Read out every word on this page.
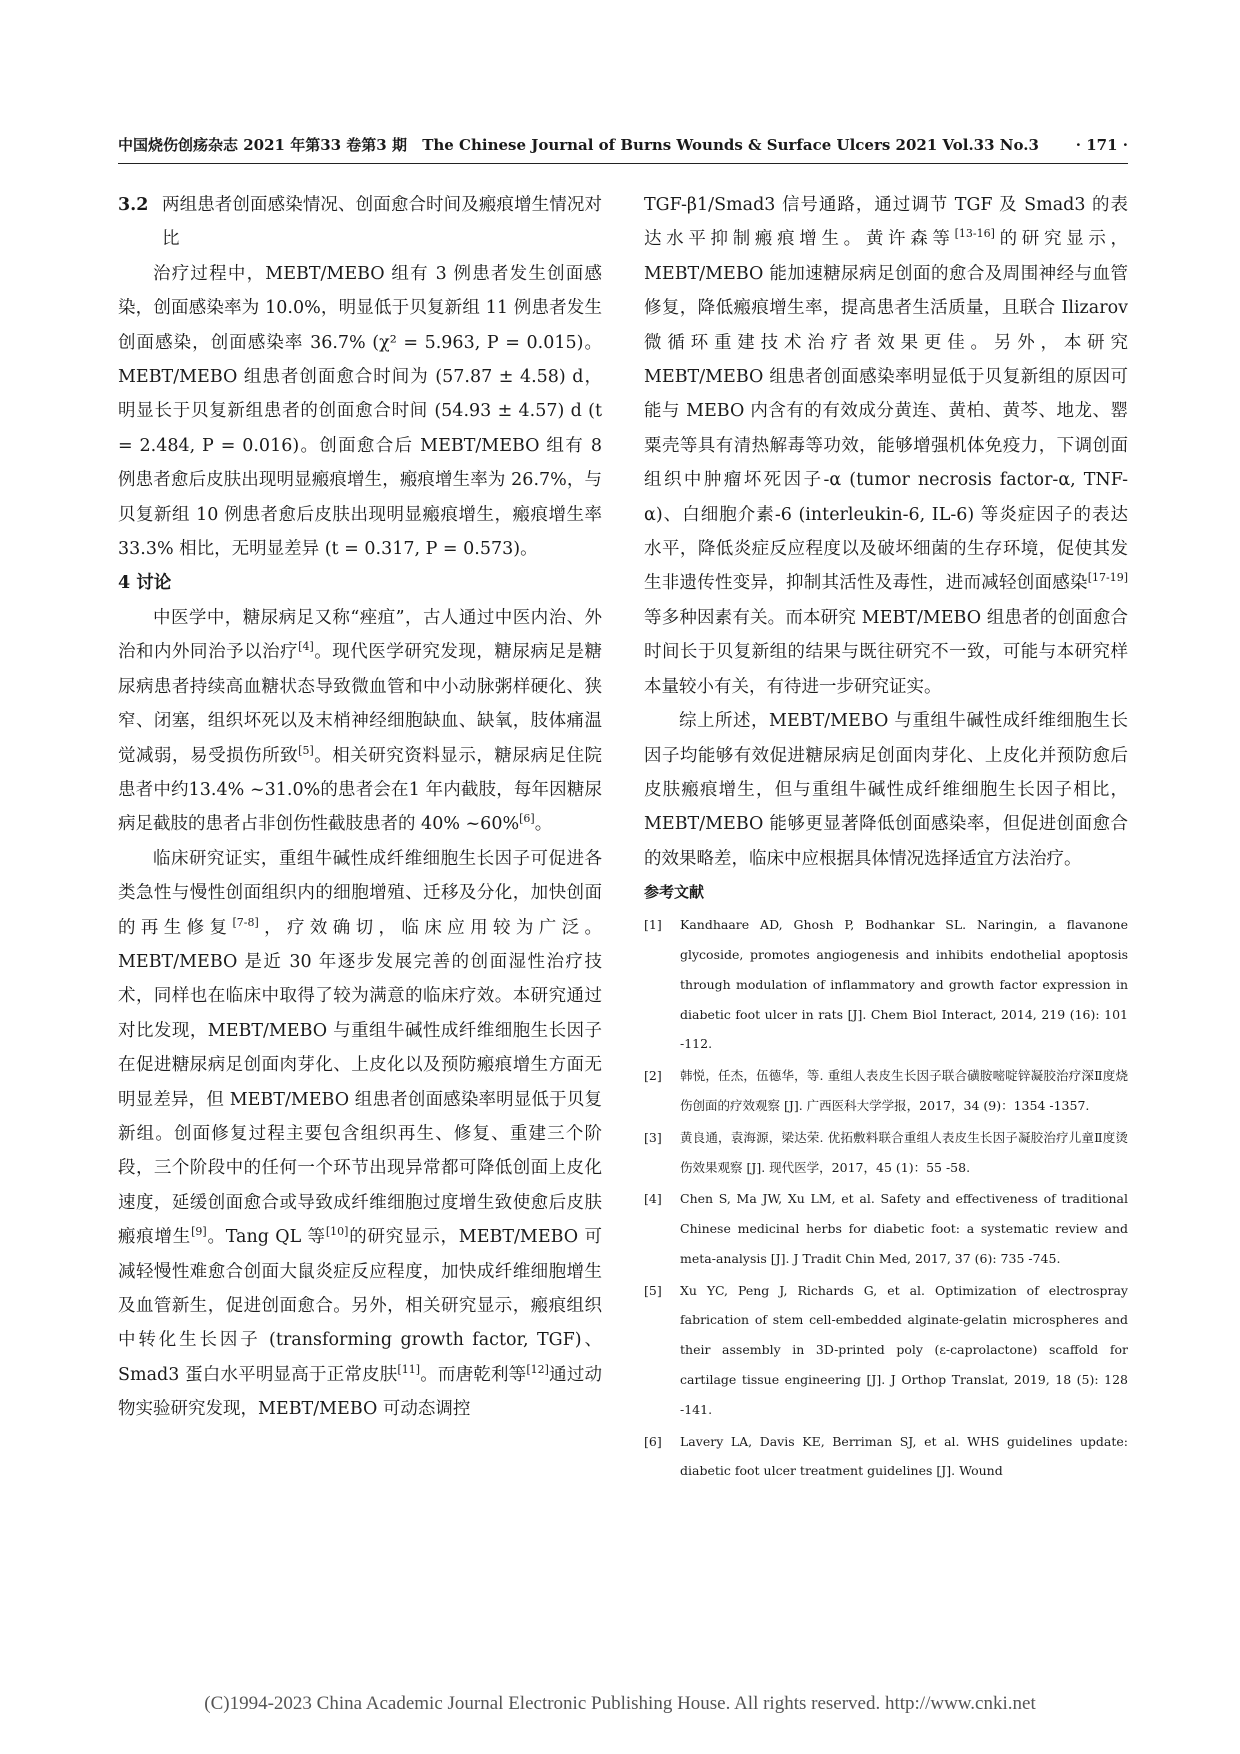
中国烧伤创疡杂志 2021 年第33 卷第3 期 The Chinese Journal of Burns Wounds & Surface Ulcers 2021 Vol.33 No.3	· 171 ·
3.2 两组患者创面感染情况、创面愈合时间及瘢痕增生情况对比

治疗过程中，MEBT/MEBO 组有 3 例患者发生创面感染，创面感染率为 10.0%，明显低于贝复新组 11 例患者发生创面感染，创面感染率 36.7% (χ² = 5.963, P = 0.015)。MEBT/MEBO 组患者创面愈合时间为 (57.87 ± 4.58) d，明显长于贝复新组患者的创面愈合时间 (54.93 ± 4.57) d (t = 2.484, P = 0.016)。创面愈合后 MEBT/MEBO 组有 8 例患者愈后皮肤出现明显瘢痕增生，瘢痕增生率为 26.7%，与贝复新组 10 例患者愈后皮肤出现明显瘢痕增生，瘢痕增生率 33.3% 相比，无明显差异 (t = 0.317, P = 0.573)。

4 讨论

中医学中，糖尿病足又称“痤疽”，古人通过中医内治、外治和内外同治予以治疗[4]。现代医学研究发现，糖尿病足是糖尿病患者持续高血糖状态导致微血管和中小动脉粥样硬化、狭窄、闭塞，组织坏死以及末梢神经细胞缺血、缺氧，肢体痛温觉减弱，易受损伤所致[5]。相关研究资料显示，糖尿病足住院患者中约13.4% ~31.0%的患者会在1 年内截肢，每年因糖尿病足截肢的患者占非创伤性截肢患者的 40% ~60%[6]。

临床研究证实，重组牛碱性成纤维细胞生长因子可促进各类急性与慢性创面组织内的细胞增殖、迁移及分化，加快创面的再生修复[7-8]，疗效确切，临床应用较为广泛。MEBT/MEBO 是近 30 年逐步发展完善的创面湿性治疗技术，同样也在临床中取得了较为满意的临床疗效。本研究通过对比发现，MEBT/MEBO 与重组牛碱性成纤维细胞生长因子在促进糖尿病足创面肉芽化、上皮化以及预防瘢痕增生方面无明显差异，但 MEBT/MEBO 组患者创面感染率明显低于贝复新组。创面修复过程主要包含组织再生、修复、重建三个阶段，三个阶段中的任何一个环节出现异常都可降低创面上皮化速度，延缓创面愈合或导致成纤维细胞过度增生致使愈后皮肤瘢痕增生[9]。Tang QL 等[10]的研究显示，MEBT/MEBO 可减轻慢性难愈合创面大鼠炎症反应程度，加快成纤维细胞增生及血管新生，促进创面愈合。另外，相关研究显示，瘢痕组织中转化生长因子 (transforming growth factor, TGF)、Smad3 蛋白水平明显高于正常皮肤[11]。而唐乾利等[12]通过动物实验研究发现，MEBT/MEBO 可动态调控

TGF-β1/Smad3 信号通路，通过调节 TGF 及 Smad3 的表达水平抑制瘢痕增生。黄许森等[13-16]的研究显示，MEBT/MEBO 能加速糖尿病足创面的愈合及周围神经与血管修复，降低瘢痕增生率，提高患者生活质量，且联合 Ilizarov 微循环重建技术治疗者效果更佳。另外，本研究 MEBT/MEBO 组患者创面感染率明显低于贝复新组的原因可能与 MEBO 内含有的有效成分黄连、黄柏、黄芩、地龙、罂粟壳等具有清热解毒等功效，能够增强机体免疫力，下调创面组织中肿瘤坏死因子-α (tumor necrosis factor-α, TNF-α)、白细胞介素-6 (interleukin-6, IL-6) 等炎症因子的表达水平，降低炎症反应程度以及破坏细菌的生存环境，促使其发生非遗传性变异，抑制其活性及毒性，进而减轻创面感染[17-19]等多种因素有关。而本研究 MEBT/MEBO 组患者的创面愈合时间长于贝复新组的结果与既往研究不一致，可能与本研究样本量较小有关，有待进一步研究证实。

综上所述，MEBT/MEBO 与重组牛碱性成纤维细胞生长因子均能够有效促进糖尿病足创面肉芽化、上皮化并预防愈后皮肤瘢痕增生，但与重组牛碱性成纤维细胞生长因子相比，MEBT/MEBO 能够更显著降低创面感染率，但促进创面愈合的效果略差，临床中应根据具体情况选择适宜方法治疗。

参考文献
[1]	Kandhaare AD, Ghosh P, Bodhankar SL. Naringin, a flavanone glycoside, promotes angiogenesis and inhibits endothelial apoptosis through modulation of inflammatory and growth factor expression in diabetic foot ulcer in rats [J]. Chem Biol Interact, 2014, 219 (16): 101 -112.
[2]	韩悦，任杰，伍德华，等. 重组人表皮生长因子联合磺胺嘧啶锌凝胶治疗深Ⅱ度烧伤创面的疗效观察 [J]. 广西医科大学学报，2017，34 (9)：1354 -1357.
[3]	黄良通，袁海源，梁达荣. 优拓敷料联合重组人表皮生长因子凝胶治疗儿童Ⅱ度烫伤效果观察 [J]. 现代医学，2017，45 (1)：55 -58.
[4]	Chen S, Ma JW, Xu LM, et al. Safety and effectiveness of traditional Chinese medicinal herbs for diabetic foot: a systematic review and meta-analysis [J]. J Tradit Chin Med, 2017, 37 (6): 735 -745.
[5]	Xu YC, Peng J, Richards G, et al. Optimization of electrospray fabrication of stem cell-embedded alginate-gelatin microspheres and their assembly in 3D-printed poly (ε-caprolactone) scaffold for cartilage tissue engineering [J]. J Orthop Translat, 2019, 18 (5): 128 -141.
[6]	Lavery LA, Davis KE, Berriman SJ, et al. WHS guidelines update: diabetic foot ulcer treatment guidelines [J]. Wound
(C)1994-2023 China Academic Journal Electronic Publishing House. All rights reserved. http://www.cnki.net
